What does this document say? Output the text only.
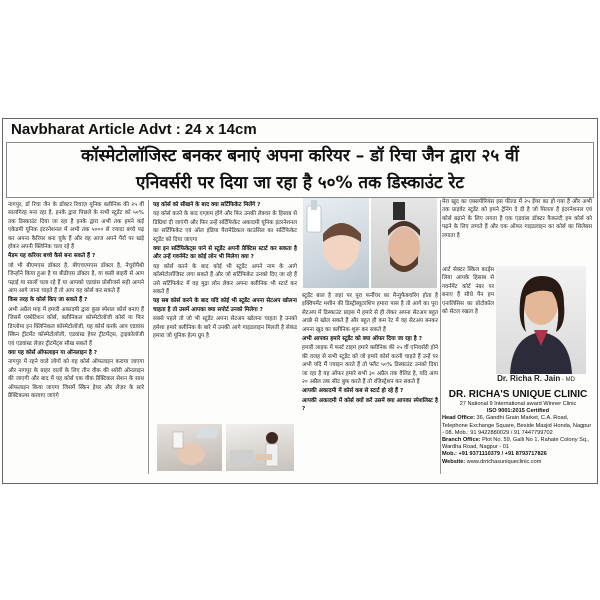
Navbharat Article Advt : 24 x 14cm
कॉस्मेटोलॉजिस्ट बनकर बनाएं अपना करियर – डॉ रिचा जैन द्वारा २५ वीं
एनिवर्सरी पर दिया जा रहा है ५०% तक डिस्काउंट रेट

नागपुर, डॉ रिचा जैन के डॉक्टर रिचाज़ यूनिक क्लीनिक की २५ वीं सालगिरह मना रहा है, इनके द्वारा पिछले के सभी स्टूडेंट को ५०% तक डिस्काउंट दिया जा रहा है इनके द्वारा अभी तक हमने कई एकेडमी यूनिक इंटरनेशनल में अभी तक ५००० से ज्यादा बच्चे पढ़ कर अपना कैरियर बना चुके हैं और वह आज अपने पैरों पर खड़े होकर अपनी क्लिनिक चला रहे हैं

मैडम यह करियर बच्चे कैसे बना सकते हैं ?

जो भी बीएमएस डॉक्टर है, बीएचएमएस डॉक्टर है, नेचुरोपैथी जिन्होंने किया हुआ है या बीडीएस डॉक्टर है, या कसी बाहरी से आप पढ़ाई या सालों चला रहे हैं या आपको एडवांस प्रोसीजर्स सही आपने आप आगे जाना चाहते हैं तो आप यह कोर्स कर सकते हैं

किस तरह के कोर्स किए जा सकते हैं ?

अभी अप्रैल माह में हमारी अकादमी द्वारा कुछ स्पेशल कोर्स बनाए हैं जिसमें एस्थेटिशन कोर्स, क्लीनिकल कॉस्मेटोलॉजी कोर्स या फिर डिप्लोमा इन क्लिनिकल कॉस्मेटोलॉजी, यह कोर्स करके आप एडवांस स्किन ट्रीटमेंट कॉस्मेटोलॉजी, एडवांस्ड हेयर ट्रीटमेंट्स, ट्राइकोलॉजी एवं एडवांस्ड लेज़र ट्रीटमेंट्स सीख सकते हैं

क्या यह कोर्स ऑफलाइन या ऑनलाइन है ?

नागपुर में रहने वाले लोगों को यह कोर्स ऑफलाइन कराया जाएगा और नागपुर के बाहर वालों के लिए तीन वीक की थ्योरी ऑनलाइन की जाएगी और बाद में यह कोर्स एक वीक प्रैक्टिकल सेशन के साथ ऑफलाइन किया जाएगा जिसमें स्किन हेयर और लेज़र के सारे प्रैक्टिकल्स करवाए जाएंगे

यह कोर्स को सीखने के बाद क्या सर्टिफिकेट मिलेंगे ?

यह कोर्स करने के बाद एग्ज़ाम होंगे और फिर उनकी लेक्चर के हिसाब से डिग्रियां दी जाएंगी और फिर उन्हें सर्टिफिकेट अकादमी यूनिक इंटरनेशनल का सर्टिफिकेट एवं ऑल इंडिया पैरामेडिकल काउंसिल का सर्टिफिकेट स्टूडेंट को दिया जाएगा

क्या इन सर्टिफिकेट्स पाने से स्टूडेंट अपनी प्रैक्टिस स्टार्ट कर सकता है और उन्हें गवर्नमेंट का कोई लोन भी मिलेगा क्या ?

यह कोर्स करने के बाद कोई भी स्टूडेंट अपने नाम के आगे कॉस्मेटोलॉजिस्ट लगा सकते हैं और जो सर्टिफिकेट उनको दिए जा रहे हैं उसे सर्टिफिकेट में वह मुद्रा लोन लेकर अपना क्लीनिक भी स्टार्ट कर सकते हैं

यह सब कोर्स करने के बाद यदि कोई भी स्टूडेंट अपना सेटअप खोलना चाहता है तो उसमें आपका क्या सपोर्ट उनको मिलेगा ?

सबसे पहले तो जो भी स्टूडेंट अपना सेटअप खोलना चाहता है उनको हमेशा हमारे क्लीनिक के बारे में उनकी आगे गाइडलाइन मिलती है सेकंड हमारा जो यूनिक हेल्प ग्रुप है

स्टूडेंट बाल है जहां पर पूरा फर्नीचर का मैन्युफैक्चरिंग होता है इक्विपमेंट मशीन की डिस्ट्रीब्यूटरशिप हमारा पास है तो आगे का पूरा सेटअप में डिस्काउंट प्राइस में हमारे से ही लेकर अपना सेटअप बहुत अच्छे से खोल सकते हैं और बहुत ही कम रेट में वह सेटअप बनकर अपना खुद का क्लीनिक शुरू कर सकते हैं

अभी आपका हमारे स्टूडेंट को क्या ऑफर दिया जा रहा है ?

हमारी लाइफ में फर्स्ट टाइम हमारे क्लीनिक की २५ वीं एनिवर्सरी होने की वजह से सभी स्टूडेंट को जो हमारे कोर्स करनी चाहते हैं उन्हें पर अभी यदि मैं ज्वाइन करते हैं तो फ्लैट ५०% डिस्काउंट उनको दिया जा रहा है यह ऑफर हमारे सभी ३० अप्रैल तक वैलिड है, यदि आप २० अप्रैल तक सीट बुक करते हैं तो रजिस्ट्रेशन कर सकते हैं

आपकी अकादमी में कोर्स कब से स्टार्ट हो रहे हैं ?

आपकी अकादमी में कोर्स क्यों करें उसमें क्या आपका स्पेशलिस्ट है ?

मेरा खुद का एक्सपीरियंस इस फील्ड में २५ ईयर का हो गया है और अभी तक प्राइवेट स्टूडेंट को हमने ट्रेनिंग दे दी है जो मिलता है इंटरनेशनल एवं कोर्स बढ़ाने के लिए लगता है एक एडवांस डॉक्टर फैकल्टी हम कोर्स को पढ़ने के लिए लगाते हैं और एक ऑफर गाइडलाइन का कोर्स का सिलेबस लगाता है

आर्ट सेक्टर स्किल कार्ड्स लिया आपके हिसाब से गवर्नमेंट कोर्ट नंबर पर बनाए हैं सीधे पैन हम एनालिसिस का प्रोटोकॉल को सेटल रखता है

Dr. Richa R. Jain - MD
DR. RICHA'S UNIQUE CLINIC
27 National 9 International award Winner Clinic
ISO 9001:2015 Certified
Head Office: 36, Gandhi Grain Market, C.A. Road, Telephone Exchange Square, Beside Masjid Honda, Nagpur - 08. Mob.: 91 9422880029 / 91 7447799702
Branch Office: Plot No. 59, Galli No 1, Rahate Colony Sq., Wardha Road, Nagpur - 01
Mob.: +91 9371110379 / +91 8793717826
Website: www.drrichasuniqueclinic.com
